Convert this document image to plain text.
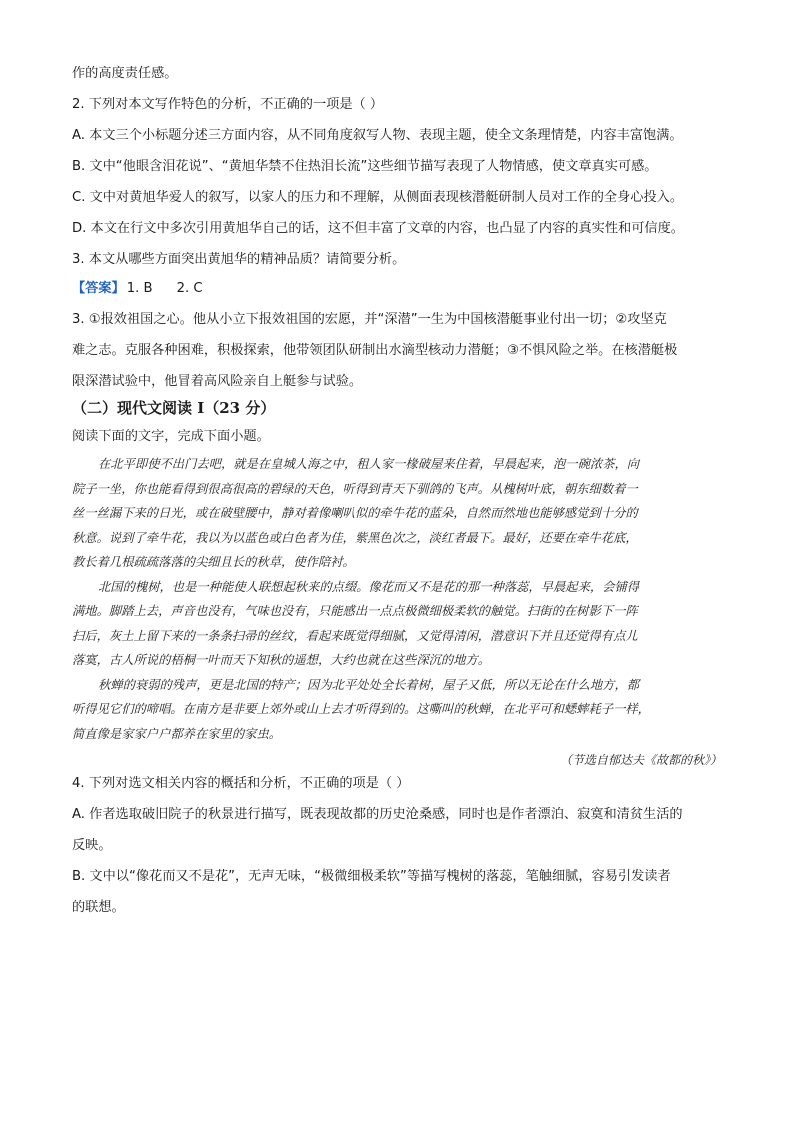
作的高度责任感。

2. 下列对本文写作特色的分析，不正确的一项是（ ）

A. 本文三个小标题分述三方面内容，从不同角度叙写人物、表现主题，使全文条理情楚，内容丰富饱满。

B. 文中“他眼含泪花说”、“黄旭华禁不住热泪长流”这些细节描写表现了人物情感，使文章真实可感。

C. 文中对黄旭华爱人的叙写，以家人的压力和不理解，从侧面表现核潜艇研制人员对工作的全身心投入。

D. 本文在行文中多次引用黄旭华自己的话，这不但丰富了文章的内容，也凸显了内容的真实性和可信度。

3. 本文从哪些方面突出黄旭华的精神品质？请简要分析。

【答案】 1. B 2. C

3. ①报效祖国之心。他从小立下报效祖国的宏愿，并“深潜”一生为中国核潜艇事业付出一切；②攻坚克

难之志。克服各种困难，积极探索，他带领团队研制出水滴型核动力潜艇；③不惧风险之举。在核潜艇极

限深潜试验中，他冒着高风险亲自上艇参与试验。

（二）现代文阅读 I（23 分）

阅读下面的文字，完成下面小题。

在北平即使不出门去吧，就是在皇城人海之中，租人家一椽破屋来住着，早晨起来，泡一碗浓茶，向

院子一坐，你也能看得到很高很高的碧绿的天色，听得到青天下驯鸽的飞声。从槐树叶底，朝东细数着一

丝一丝漏下来的日光，或在破壁腰中，静对着像喇叭似的牵牛花的蓝朵，自然而然地也能够感觉到十分的

秋意。说到了牵牛花，我以为以蓝色或白色者为佳，紫黑色次之，淡红者最下。最好，还要在牵牛花底，

教长着几根疏疏落落的尖细且长的秋草，使作陪衬。

北国的槐树，也是一种能使人联想起秋来的点缀。像花而又不是花的那一种落蕊，早晨起来，会铺得

满地。脚踏上去，声音也没有，气味也没有，只能感出一点点极微细极柔软的触觉。扫街的在树影下一阵

扫后，灰土上留下来的一条条扫帚的丝纹，看起来既觉得细腻，又觉得清闲，潜意识下并且还觉得有点儿

落寞，古人所说的梧桐一叶而天下知秋的遥想，大约也就在这些深沉的地方。

秋蝉的衰弱的残声，更是北国的特产；因为北平处处全长着树，屋子又低，所以无论在什么地方，都

听得见它们的啼唱。在南方是非要上郊外或山上去才听得到的。这嘶叫的秋蝉，在北平可和蟋蟀耗子一样，

简直像是家家户户都养在家里的家虫。

（节选自郁达夫《故都的秋》）

4. 下列对选文相关内容的概括和分析，不正确的项是（ ）

A. 作者选取破旧院子的秋景进行描写，既表现故都的历史沧桑感，同时也是作者漂泊、寂寞和清贫生活的

反映。

B. 文中以“像花而又不是花”，无声无味，“极微细极柔软”等描写槐树的落蕊，笔触细腻，容易引发读者

的联想。
